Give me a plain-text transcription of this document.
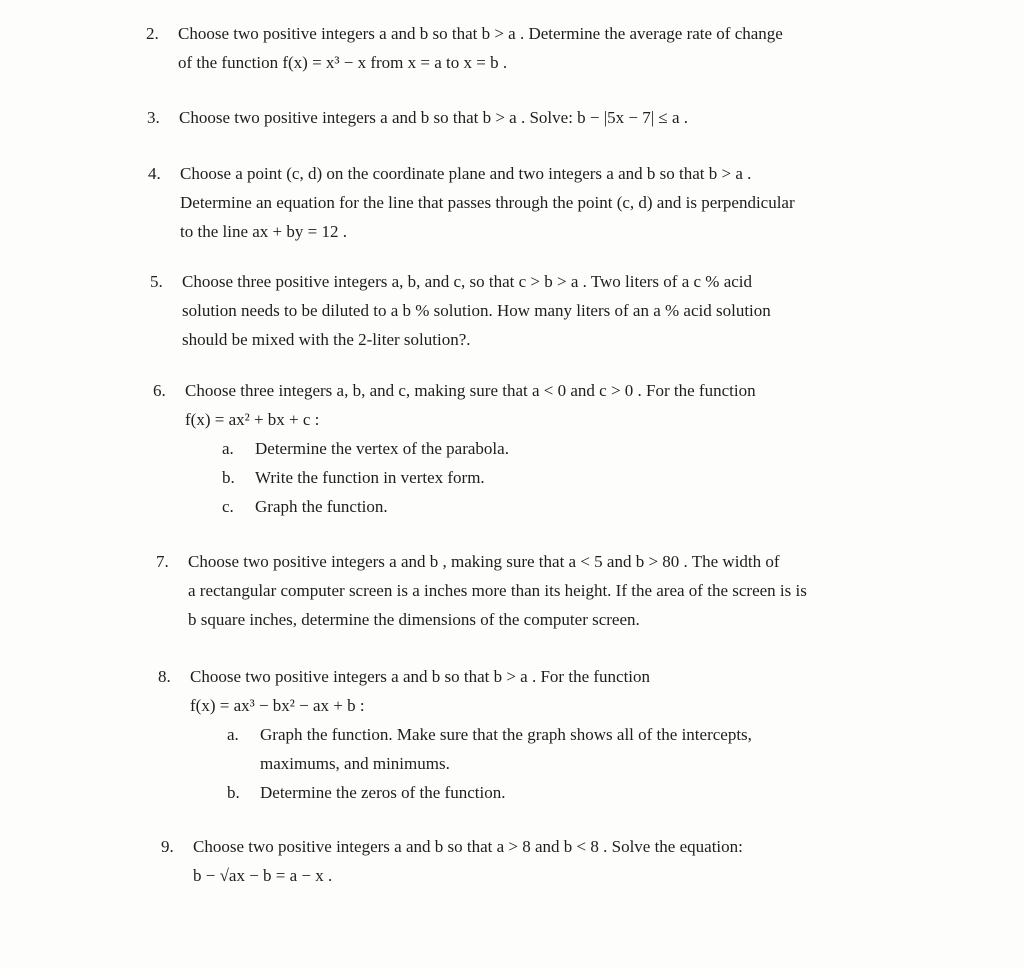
2. Choose two positive integers a and b so that b > a . Determine the average rate of change
of the function f(x) = x³ − x from x = a to x = b .
3. Choose two positive integers a and b so that b > a . Solve: b − |5x − 7| ≤ a .
4. Choose a point (c, d) on the coordinate plane and two integers a and b so that b > a .
Determine an equation for the line that passes through the point (c, d) and is perpendicular
to the line ax + by = 12 .
5. Choose three positive integers a, b, and c, so that c > b > a . Two liters of a c % acid
solution needs to be diluted to a b % solution. How many liters of an a % acid solution
should be mixed with the 2-liter solution?.
6. Choose three integers a, b, and c, making sure that a < 0 and c > 0 . For the function
f(x) = ax² + bx + c :
a. Determine the vertex of the parabola.
b. Write the function in vertex form.
c. Graph the function.
7. Choose two positive integers a and b , making sure that a < 5 and b > 80 . The width of
a rectangular computer screen is a inches more than its height. If the area of the screen is is
b square inches, determine the dimensions of the computer screen.
8. Choose two positive integers a and b so that b > a . For the function
f(x) = ax³ − bx² − ax + b :
a. Graph the function. Make sure that the graph shows all of the intercepts,
maximums, and minimums.
b. Determine the zeros of the function.
9. Choose two positive integers a and b so that a > 8 and b < 8 . Solve the equation:
b − √ax − b = a − x .
